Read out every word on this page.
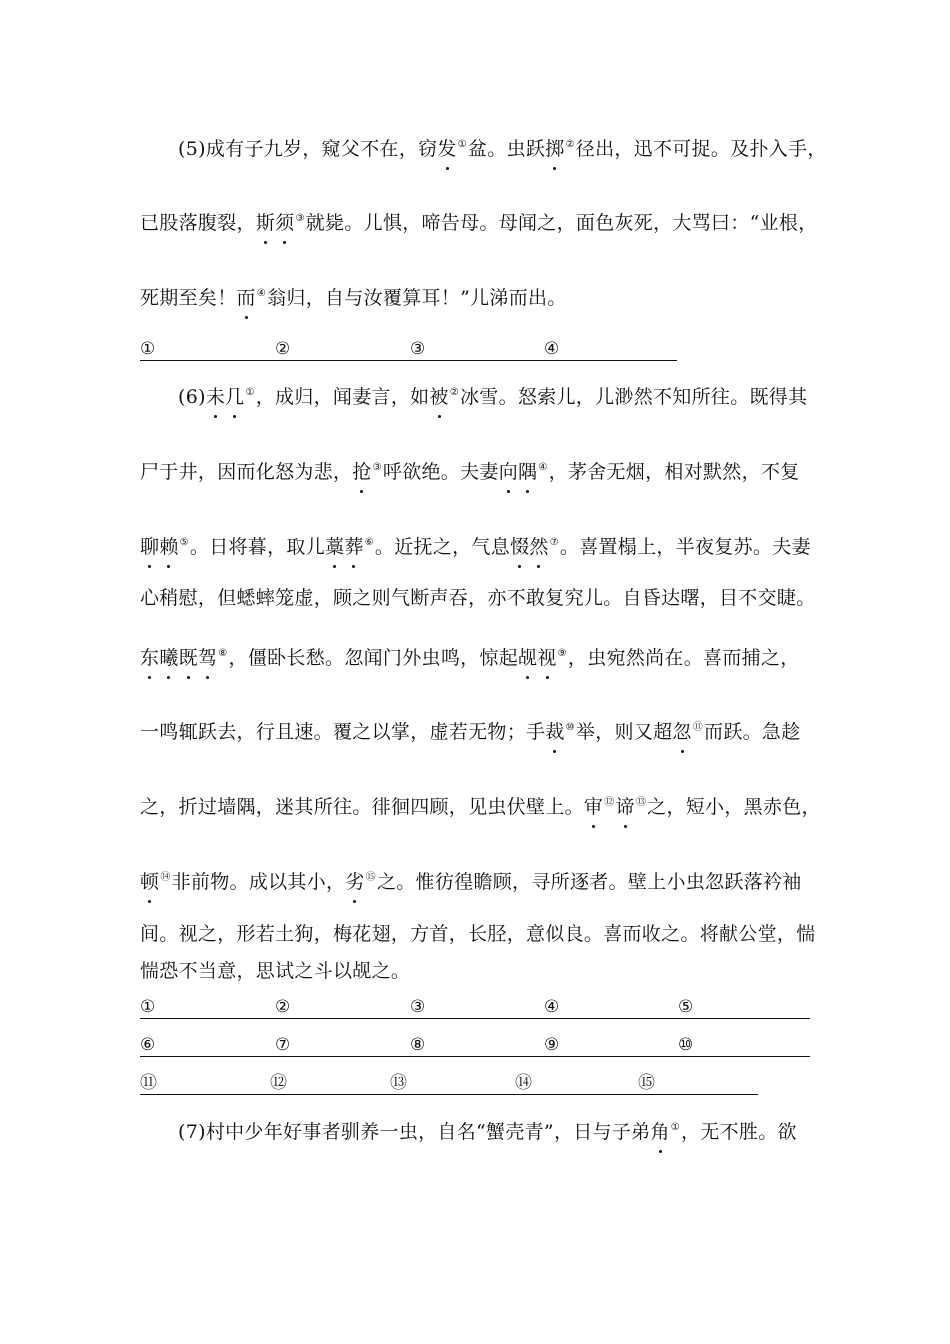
(5)成有子九岁，窥父不在，窃发①盆。虫跃掷②径出，迅不可捉。及扑入手，
已股落腹裂，斯须③就毙。儿惧，啼告母。母闻之，面色灰死，大骂曰：“业根，
死期至矣！而④翁归，自与汝覆算耳！”儿涕而出。
①	②	③	④
(6)未几①，成归，闻妻言，如被②冰雪。怒索儿，儿渺然不知所往。既得其
尸于井，因而化怒为悲，抢③呼欲绝。夫妻向隅④，茅舍无烟，相对默然，不复
聊赖⑤。日将暮，取儿藁葬⑥。近抚之，气息惙然⑦。喜置榻上，半夜复苏。夫妻
心稍慰，但蟋蟀笼虚，顾之则气断声吞，亦不敢复究儿。自昏达曙，目不交睫。
东曦既驾⑧，僵卧长愁。忽闻门外虫鸣，惊起觇视⑨，虫宛然尚在。喜而捕之，
一鸣辄跃去，行且速。覆之以掌，虚若无物；手裁⑩举，则又超忽⑪而跃。急趁
之，折过墙隅，迷其所往。徘徊四顾，见虫伏壁上。审⑫谛⑬之，短小，黑赤色，
顿⑭非前物。成以其小，劣⑮之。惟彷徨瞻顾，寻所逐者。壁上小虫忽跃落衿袖
间。视之，形若土狗，梅花翅，方首，长胫，意似良。喜而收之。将献公堂，惴
惴恐不当意，思试之斗以觇之。
①	②	③	④	⑤
⑥	⑦	⑧	⑨	⑩
⑪	⑫	⑬	⑭	⑮
(7)村中少年好事者驯养一虫，自名“蟹壳青”，日与子弟角①，无不胜。欲
